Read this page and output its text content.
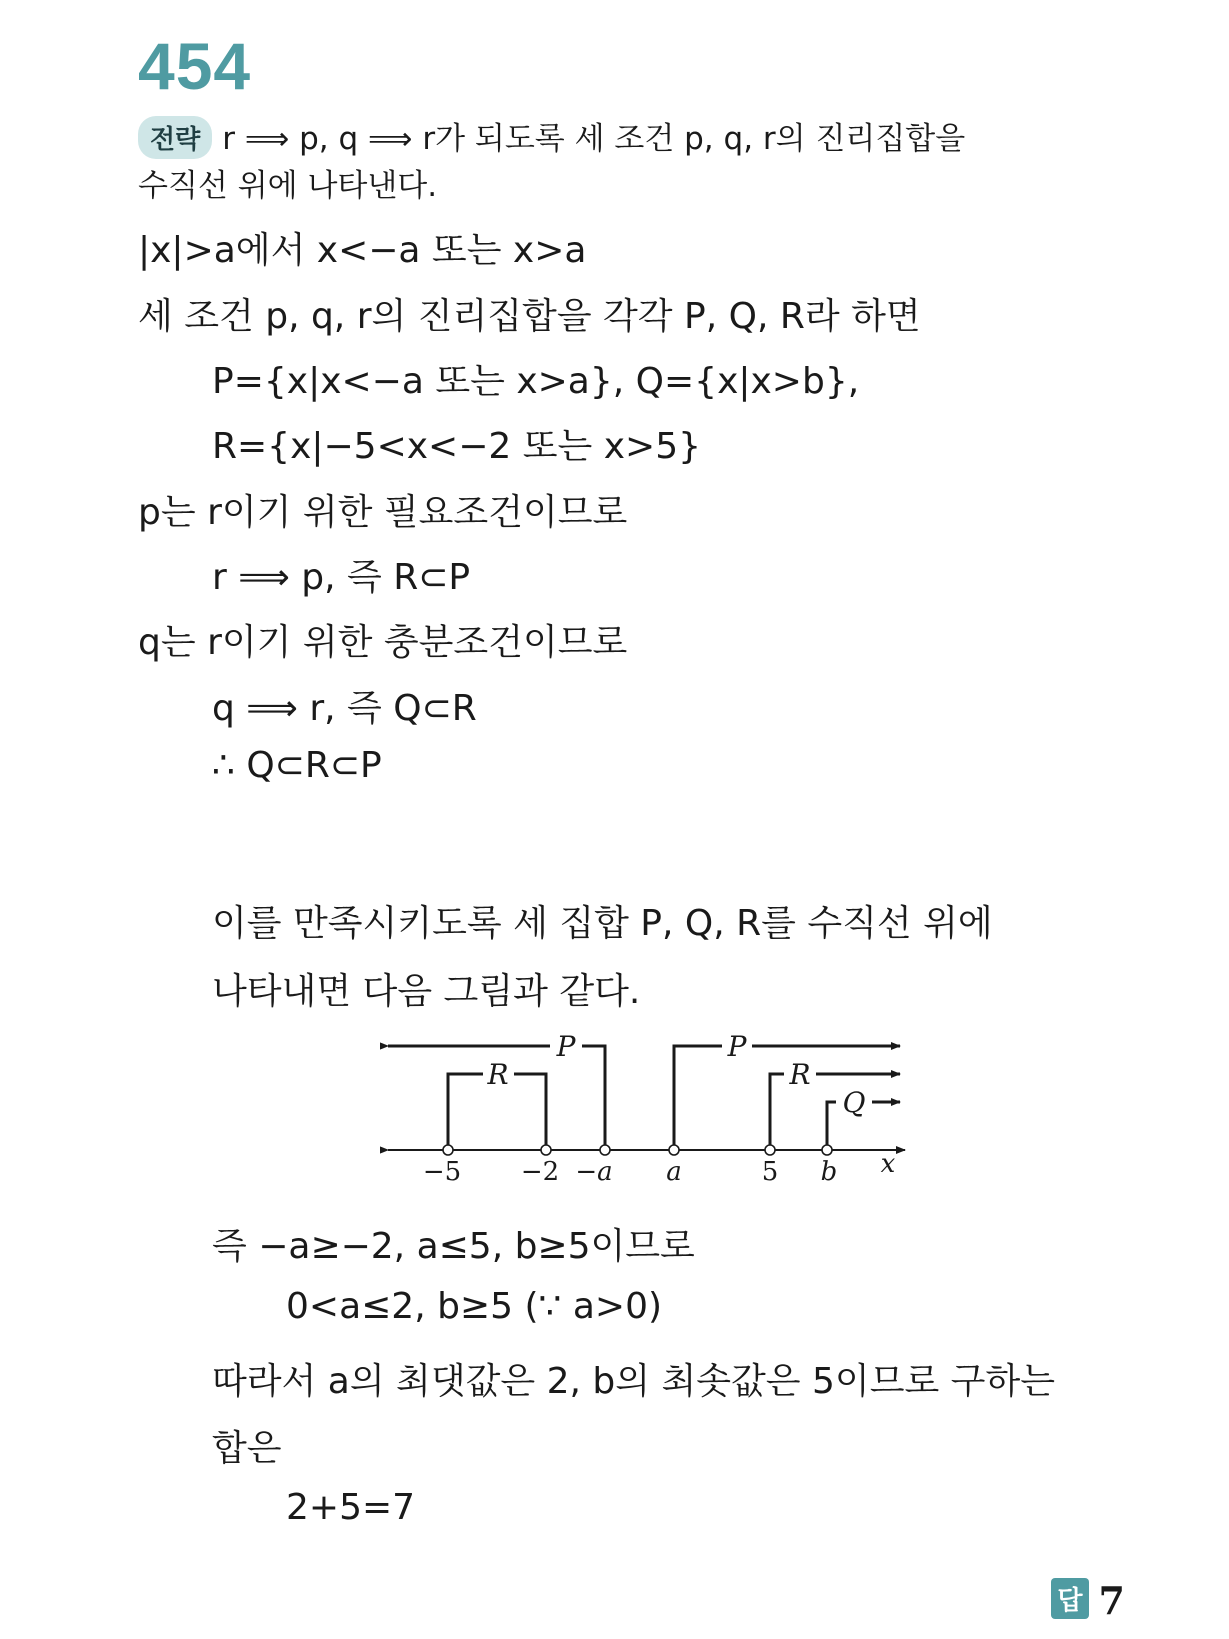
454
전략 r ⟹ p, q ⟹ r가 되도록 세 조건 p, q, r의 진리집합을
수직선 위에 나타낸다.
|x|>a에서 x<−a 또는 x>a
세 조건 p, q, r의 진리집합을 각각 P, Q, R라 하면
P={x|x<−a 또는 x>a}, Q={x|x>b},
R={x|−5<x<−2 또는 x>5}
p는 r이기 위한 필요조건이므로
r ⟹ p, 즉 R⊂P
q는 r이기 위한 충분조건이므로
q ⟹ r, 즉 Q⊂R
∴ Q⊂R⊂P
이를 만족시키도록 세 집합 P, Q, R를 수직선 위에
나타내면 다음 그림과 같다.
P	P
R	R
Q
−5 −2 −a a	5 b x
즉 −a≥−2, a≤5, b≥5이므로
0<a≤2, b≥5 (∵ a>0)
따라서 a의 최댓값은 2, b의 최솟값은 5이므로 구하는
합은
2+5=7
답 7
